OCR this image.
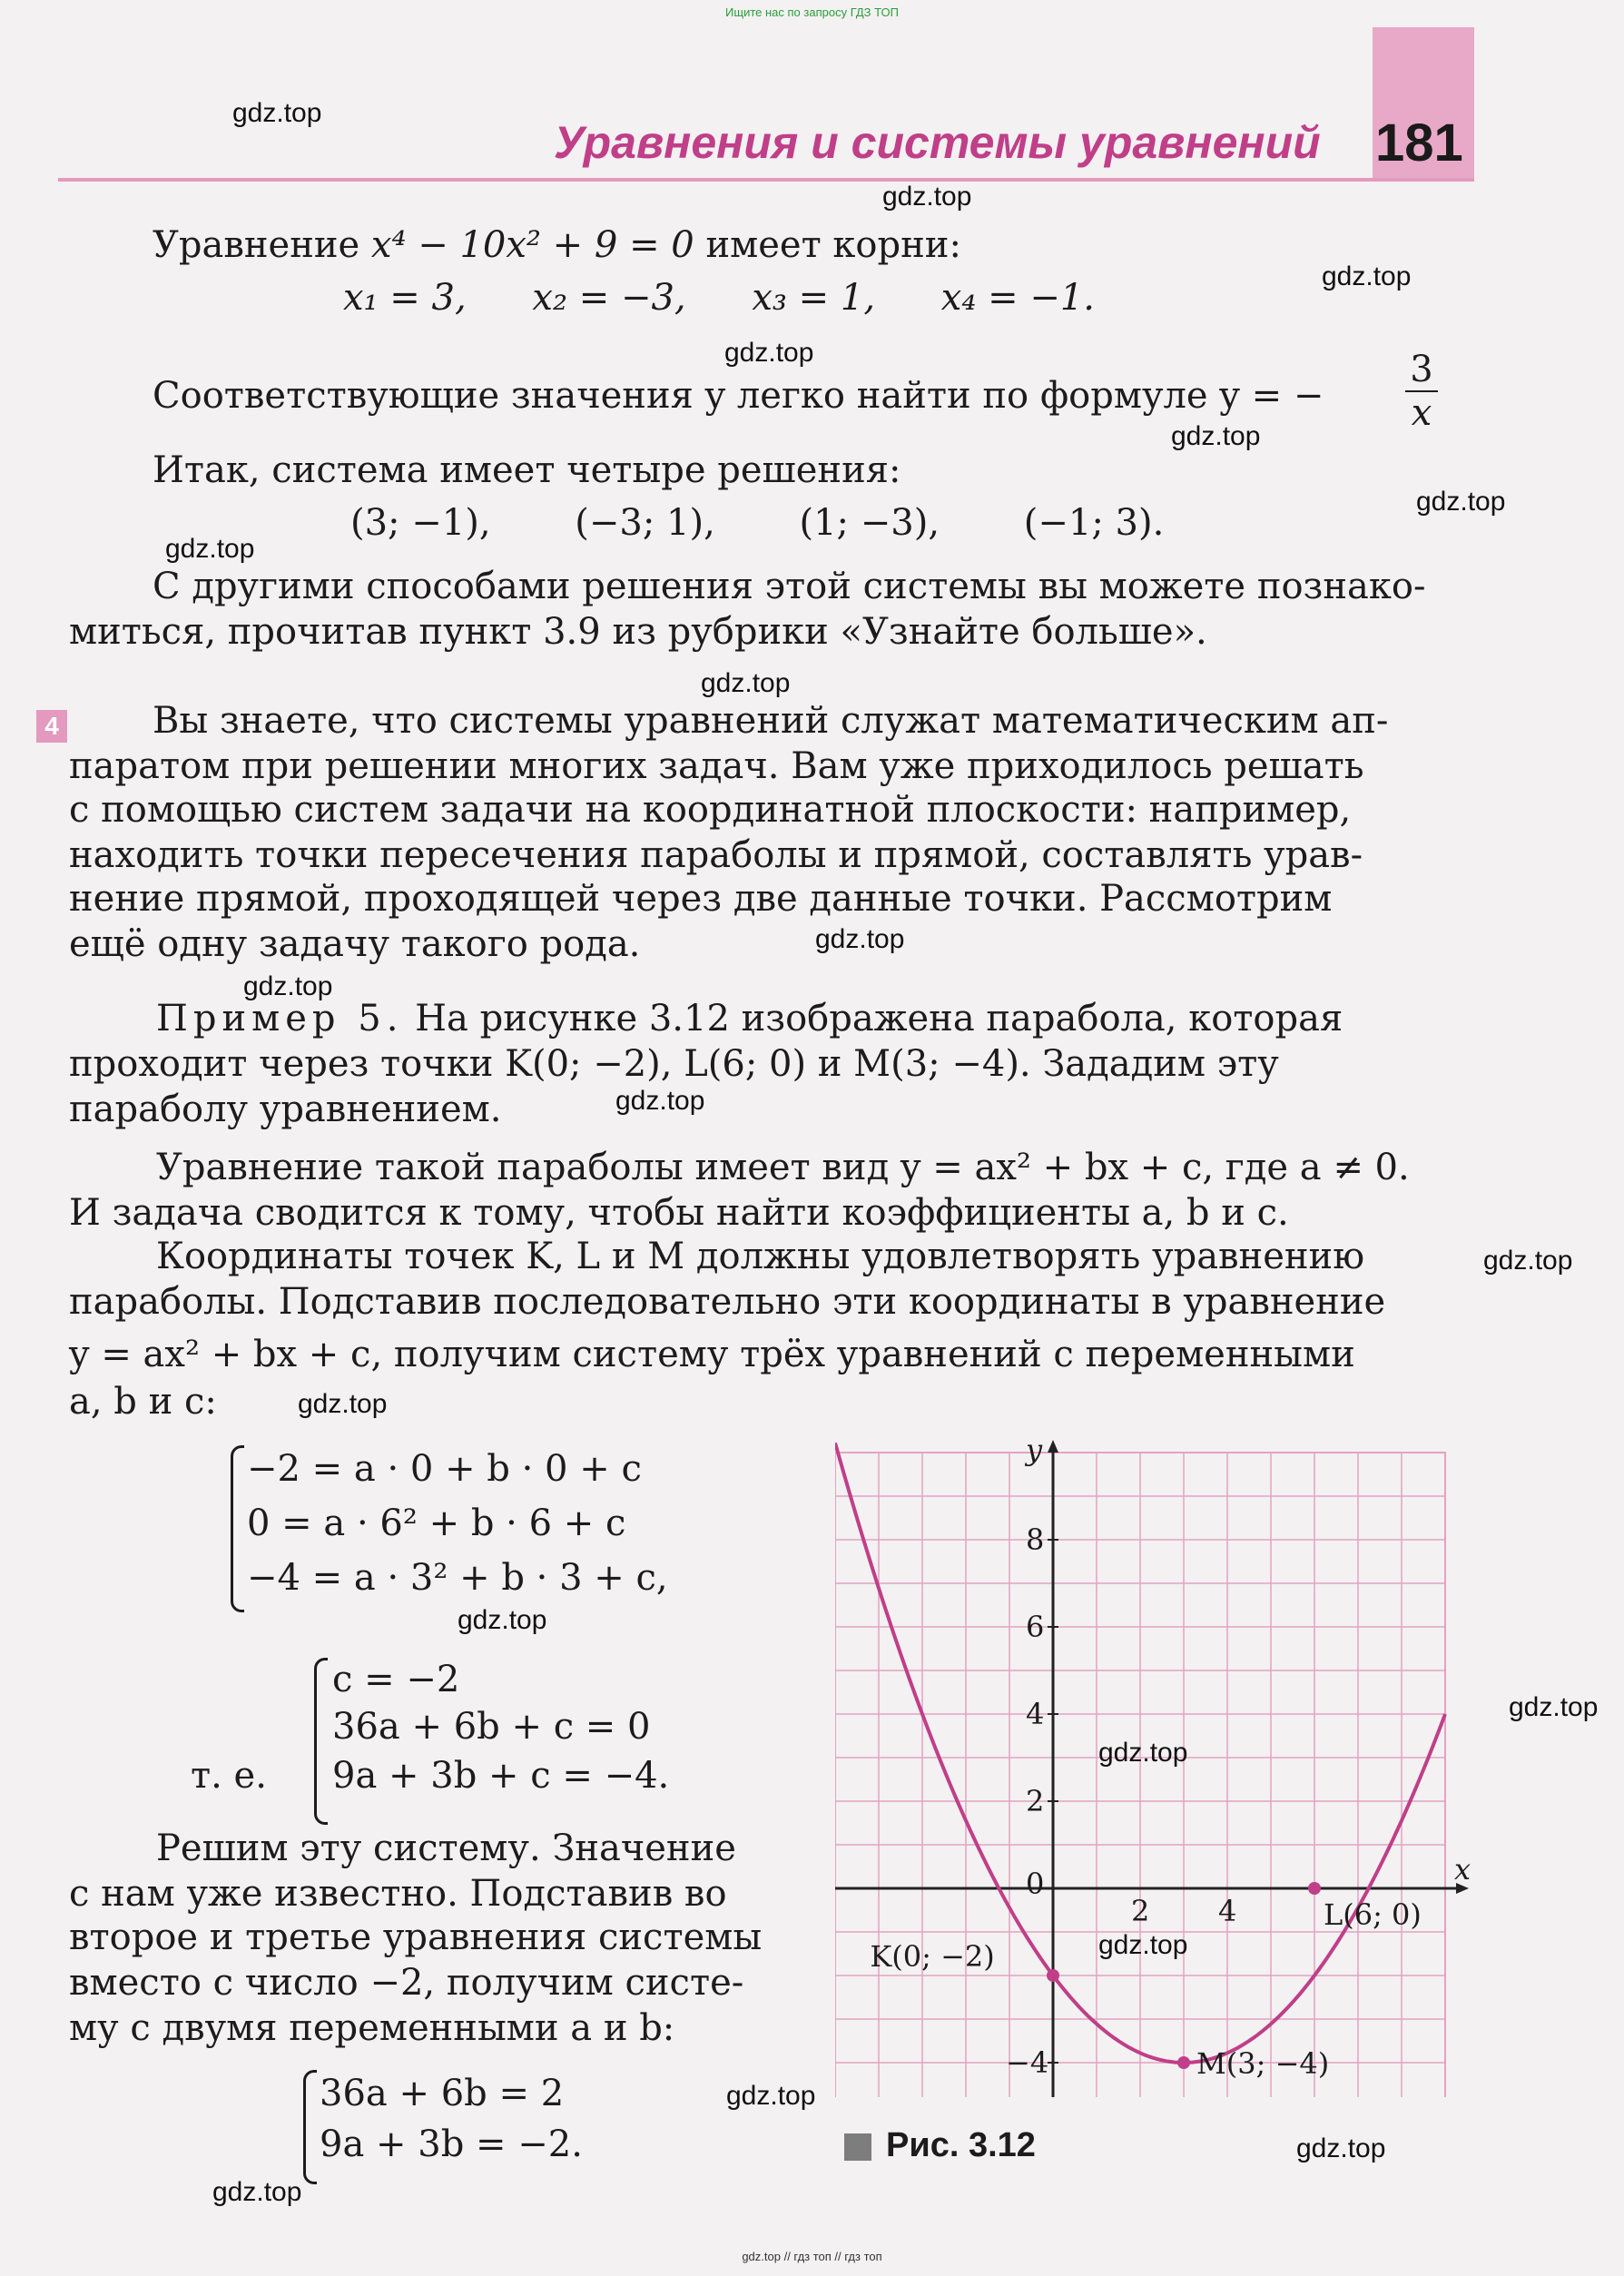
Ищите нас по запросу ГДЗ ТОП
Уравнения и системы уравнений 181
Уравнение x⁴ − 10x² + 9 = 0 имеет корни:
x₁ = 3, x₂ = −3, x₃ = 1, x₄ = −1.
Соответствующие значения y легко найти по формуле y = − $\frac{3}{x}$
Итак, система имеет четыре решения:
(3; −1), (−3; 1), (1; −3), (−1; 3).
С другими способами решения этой системы вы можете познако-
миться, прочитав пункт 3.9 из рубрики «Узнайте больше».
4	Вы знаете, что системы уравнений служат математическим ап-
паратом при решении многих задач. Вам уже приходилось решать
с помощью систем задачи на координатной плоскости: например,
находить точки пересечения параболы и прямой, составлять урав-
нение прямой, проходящей через две данные точки. Рассмотрим
ещё одну задачу такого рода.
Пример 5. На рисунке 3.12 изображена парабола, которая
проходит через точки K(0; −2), L(6; 0) и M(3; −4). Зададим эту
параболу уравнением.
Уравнение такой параболы имеет вид y = ax² + bx + c, где a ≠ 0.
И задача сводится к тому, чтобы найти коэффициенты a, b и c.
Координаты точек K, L и M должны удовлетворять уравнению
параболы. Подставив последовательно эти координаты в уравнение
y = ax² + bx + c, получим систему трёх уравнений с переменными
a, b и c:
−2 = a · 0 + b · 0 + c
0 = a · 6² + b · 6 + c
−4 = a · 3² + b · 3 + c,
c = −2
36a + 6b + c = 0
т. е. 9a + 3b + c = −4.
Решим эту систему. Значение
c нам уже известно. Подставив во
второе и третье уравнения системы
вместо c число −2, получим систе-
му с двумя переменными a и b:
36a + 6b = 2
9a + 3b = −2.
x
y
0
2 4
2
4
6
8
−4
K(0; −2)
L(6; 0)
M(3; −4)
Рис. 3.12
gdz.top
gdz.top
gdz.top
gdz.top
gdz.top
gdz.top
gdz.top
gdz.top
gdz.top
gdz.top
gdz.top
gdz.top
gdz.top
gdz.top
gdz.top
gdz.top
gdz.top
gdz.top
gdz.top
gdz.top
gdz.top // гдз топ // гдз топ
